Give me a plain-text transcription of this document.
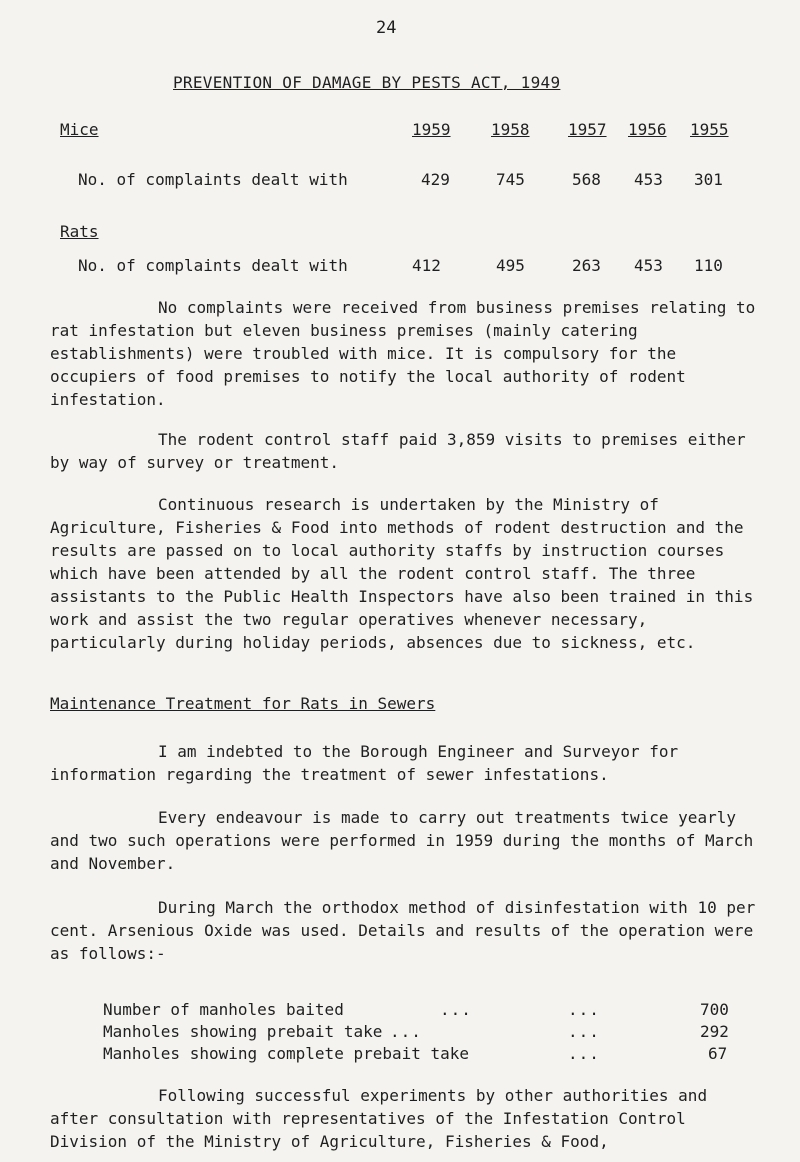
24
PREVENTION OF DAMAGE BY PESTS ACT, 1949
Mice	1959	1958 1957 1956 1955
No. of complaints dealt with	429	745	568 453 301
Rats
No. of complaints dealt with	412	495	263 453 110

No complaints were received from business premises relating to rat infestation but eleven business premises (mainly catering establishments) were troubled with mice. It is compulsory for the occupiers of food premises to notify the local authority of rodent infestation.

The rodent control staff paid 3,859 visits to premises either by way of survey or treatment.

Continuous research is undertaken by the Ministry of Agriculture, Fisheries & Food into methods of rodent destruction and the results are passed on to local authority staffs by instruction courses which have been attended by all the rodent control staff. The three assistants to the Public Health Inspectors have also been trained in this work and assist the two regular operatives whenever necessary, particularly during holiday periods, absences due to sickness, etc.

Maintenance Treatment for Rats in Sewers

I am indebted to the Borough Engineer and Surveyor for information regarding the treatment of sewer infestations.

Every endeavour is made to carry out treatments twice yearly and two such operations were performed in 1959 during the months of March and November.

During March the orthodox method of disinfestation with 10 per cent. Arsenious Oxide was used. Details and results of the operation were as follows:-

Number of manholes baited	...	...	700
Manholes showing prebait take ...	...	292
Manholes showing complete prebait take	...	67

Following successful experiments by other authorities and after consultation with representatives of the Infestation Control Division of the Ministry of Agriculture, Fisheries & Food,
